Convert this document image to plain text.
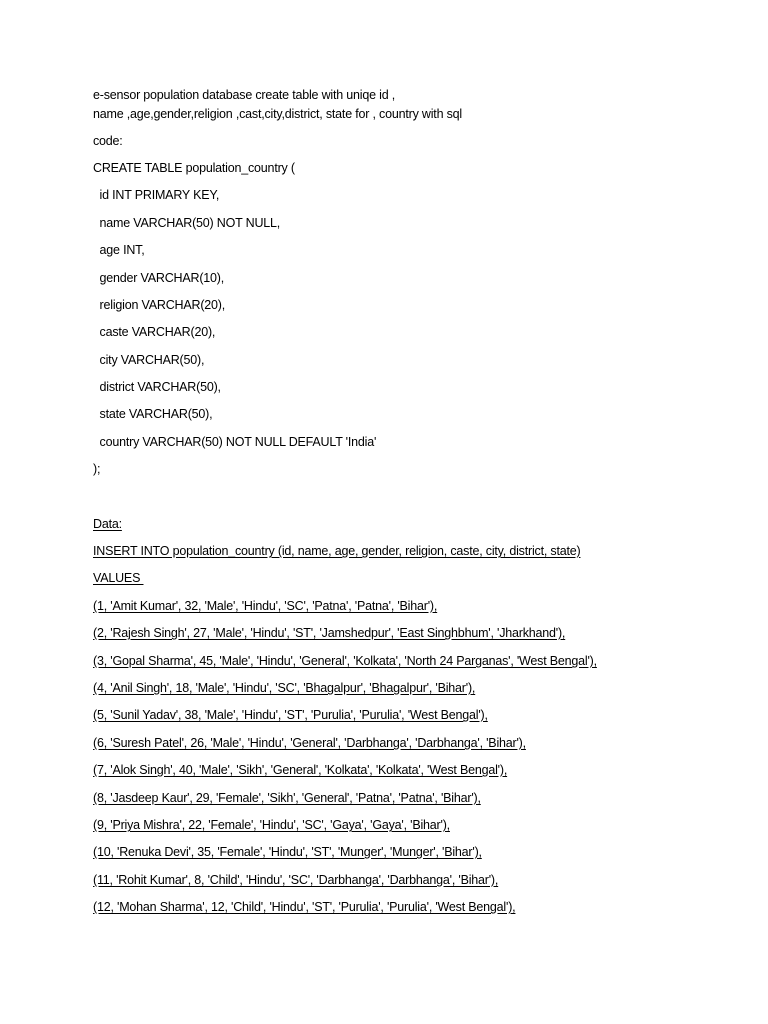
e-sensor population database create table with uniqe id ,
name ,age,gender,religion ,cast,city,district, state for , country with sql
code:
CREATE TABLE population_country (
id INT PRIMARY KEY,
name VARCHAR(50) NOT NULL,
age INT,
gender VARCHAR(10),
religion VARCHAR(20),
caste VARCHAR(20),
city VARCHAR(50),
district VARCHAR(50),
state VARCHAR(50),
country VARCHAR(50) NOT NULL DEFAULT 'India'
);
Data:
INSERT INTO population_country (id, name, age, gender, religion, caste, city, district, state)
VALUES
(1, 'Amit Kumar', 32, 'Male', 'Hindu', 'SC', 'Patna', 'Patna', 'Bihar'),
(2, 'Rajesh Singh', 27, 'Male', 'Hindu', 'ST', 'Jamshedpur', 'East Singhbhum', 'Jharkhand'),
(3, 'Gopal Sharma', 45, 'Male', 'Hindu', 'General', 'Kolkata', 'North 24 Parganas', 'West Bengal'),
(4, 'Anil Singh', 18, 'Male', 'Hindu', 'SC', 'Bhagalpur', 'Bhagalpur', 'Bihar'),
(5, 'Sunil Yadav', 38, 'Male', 'Hindu', 'ST', 'Purulia', 'Purulia', 'West Bengal'),
(6, 'Suresh Patel', 26, 'Male', 'Hindu', 'General', 'Darbhanga', 'Darbhanga', 'Bihar'),
(7, 'Alok Singh', 40, 'Male', 'Sikh', 'General', 'Kolkata', 'Kolkata', 'West Bengal'),
(8, 'Jasdeep Kaur', 29, 'Female', 'Sikh', 'General', 'Patna', 'Patna', 'Bihar'),
(9, 'Priya Mishra', 22, 'Female', 'Hindu', 'SC', 'Gaya', 'Gaya', 'Bihar'),
(10, 'Renuka Devi', 35, 'Female', 'Hindu', 'ST', 'Munger', 'Munger', 'Bihar'),
(11, 'Rohit Kumar', 8, 'Child', 'Hindu', 'SC', 'Darbhanga', 'Darbhanga', 'Bihar'),
(12, 'Mohan Sharma', 12, 'Child', 'Hindu', 'ST', 'Purulia', 'Purulia', 'West Bengal'),
